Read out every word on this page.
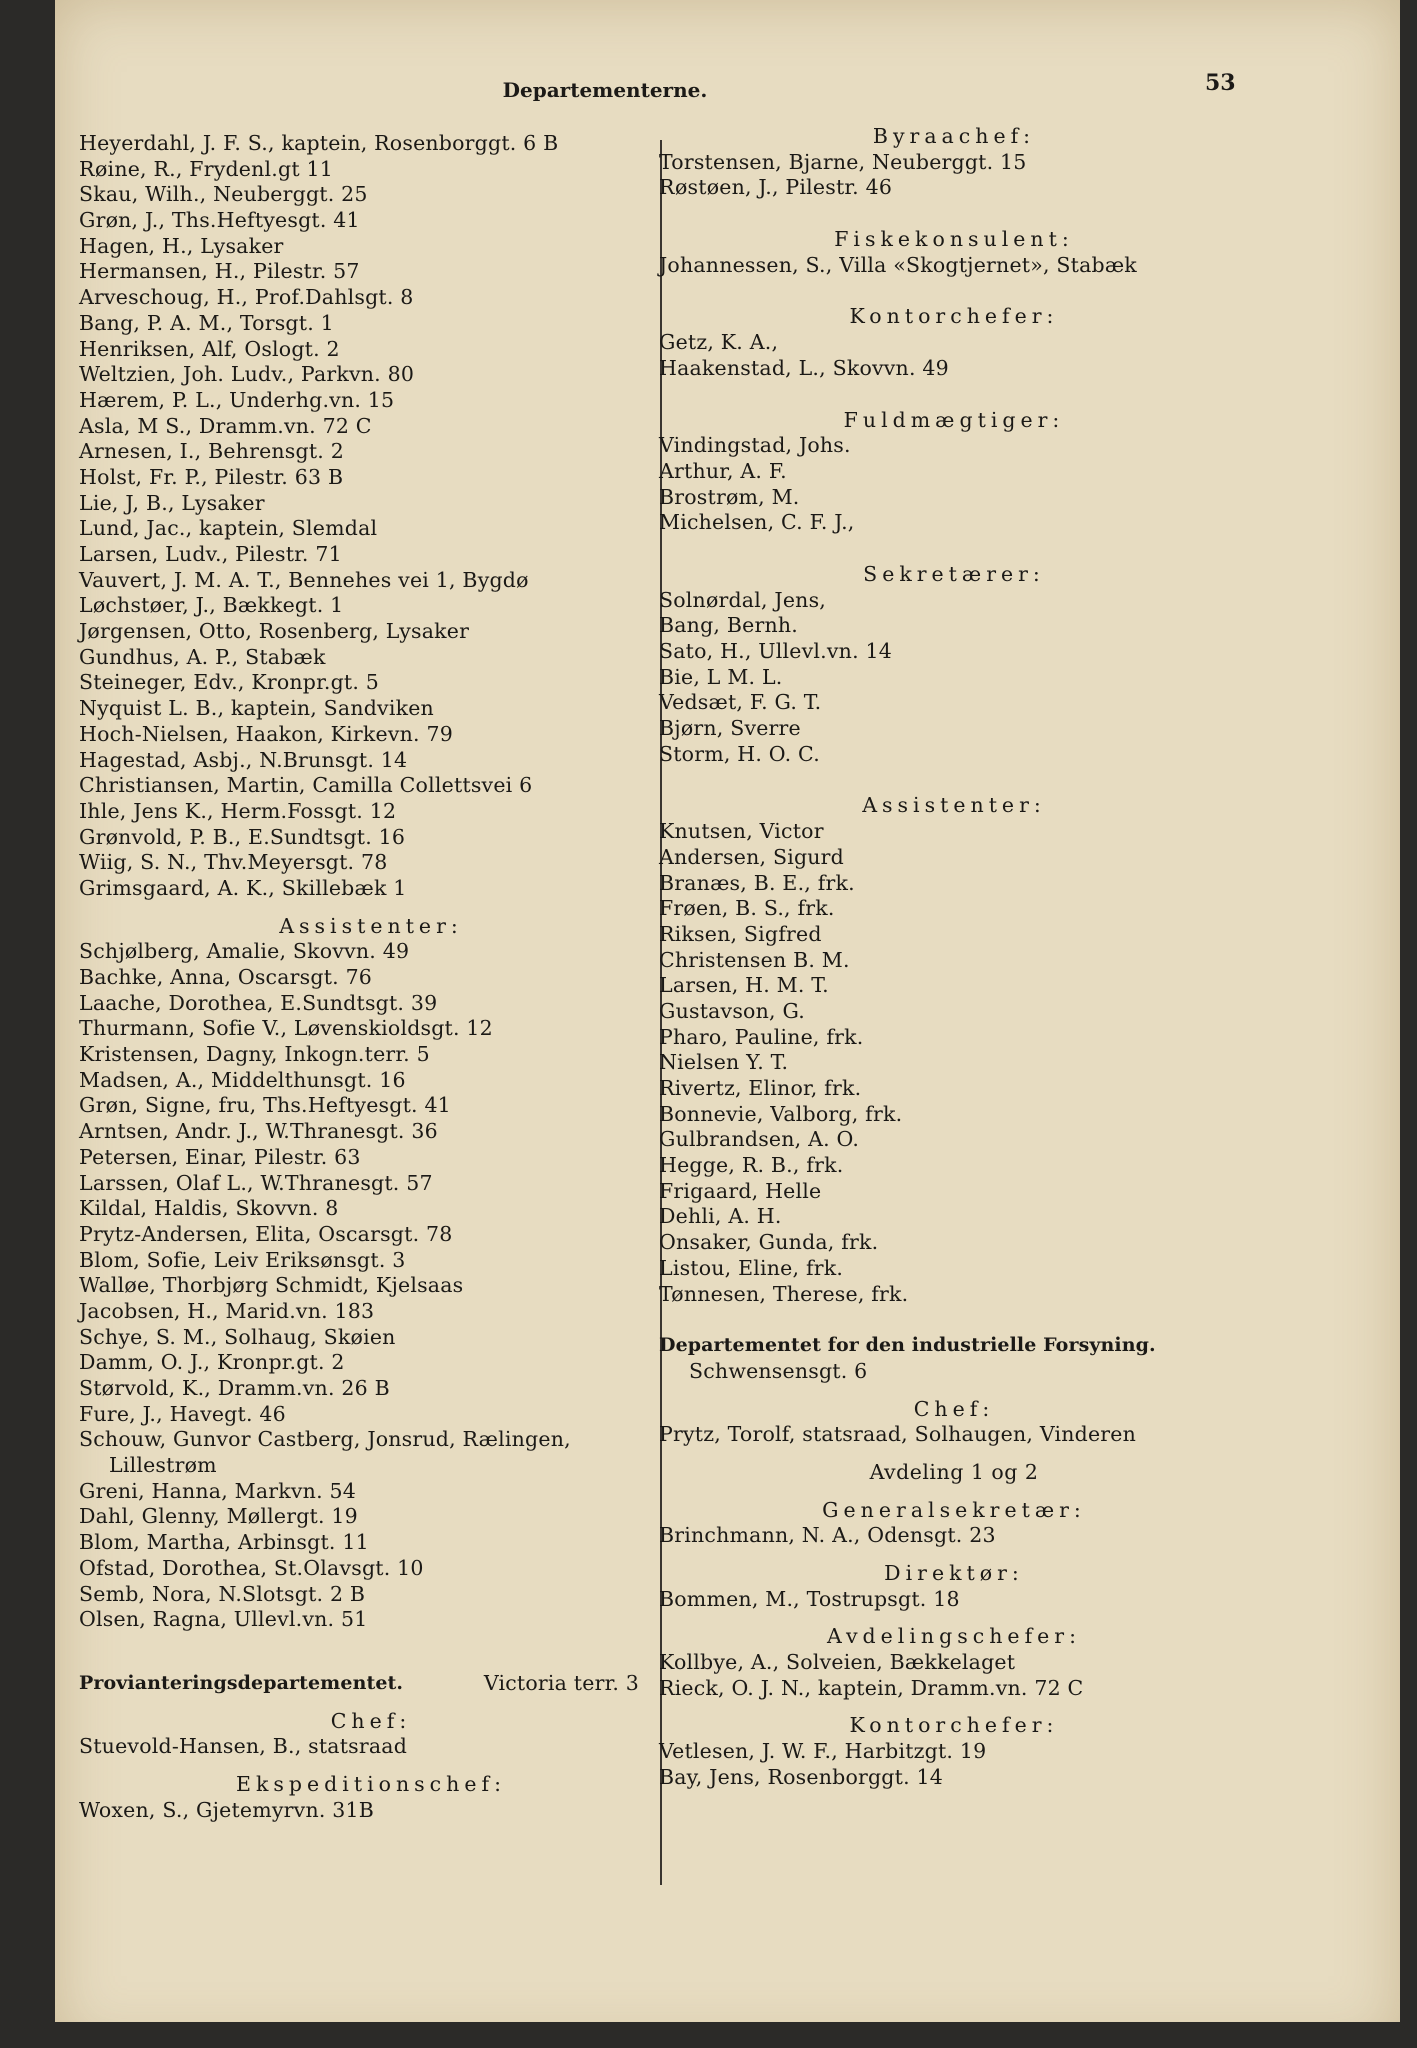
Departementerne.	53
Heyerdahl, J. F. S., kaptein, Rosenborggt. 6 B
Røine, R., Frydenl.gt 11
Skau, Wilh., Neuberggt. 25
Grøn, J., Ths.Heftyesgt. 41
Hagen, H., Lysaker
Hermansen, H., Pilestr. 57
Arveschoug, H., Prof.Dahlsgt. 8
Bang, P. A. M., Torsgt. 1
Henriksen, Alf, Oslogt. 2
Weltzien, Joh. Ludv., Parkvn. 80
Hærem, P. L., Underhg.vn. 15
Asla, M S., Dramm.vn. 72 C
Arnesen, I., Behrensgt. 2
Holst, Fr. P., Pilestr. 63 B
Lie, J, B., Lysaker
Lund, Jac., kaptein, Slemdal
Larsen, Ludv., Pilestr. 71
Vauvert, J. M. A. T., Bennehes vei 1, Bygdø
Løchstøer, J., Bækkegt. 1
Jørgensen, Otto, Rosenberg, Lysaker
Gundhus, A. P., Stabæk
Steineger, Edv., Kronpr.gt. 5
Nyquist L. B., kaptein, Sandviken
Hoch-Nielsen, Haakon, Kirkevn. 79
Hagestad, Asbj., N.Brunsgt. 14
Christiansen, Martin, Camilla Collettsvei 6
Ihle, Jens K., Herm.Fossgt. 12
Grønvold, P. B., E.Sundtsgt. 16
Wiig, S. N., Thv.Meyersgt. 78
Grimsgaard, A. K., Skillebæk 1
Assistenter:
Schjølberg, Amalie, Skovvn. 49
Bachke, Anna, Oscarsgt. 76
Laache, Dorothea, E.Sundtsgt. 39
Thurmann, Sofie V., Løvenskioldsgt. 12
Kristensen, Dagny, Inkogn.terr. 5
Madsen, A., Middelthunsgt. 16
Grøn, Signe, fru, Ths.Heftyesgt. 41
Arntsen, Andr. J., W.Thranesgt. 36
Petersen, Einar, Pilestr. 63
Larssen, Olaf L., W.Thranesgt. 57
Kildal, Haldis, Skovvn. 8
Prytz-Andersen, Elita, Oscarsgt. 78
Blom, Sofie, Leiv Eriksønsgt. 3
Walløe, Thorbjørg Schmidt, Kjelsaas
Jacobsen, H., Marid.vn. 183
Schye, S. M., Solhaug, Skøien
Damm, O. J., Kronpr.gt. 2
Størvold, K., Dramm.vn. 26 B
Fure, J., Havegt. 46
Schouw, Gunvor Castberg, Jonsrud, Rælingen,
Lillestrøm
Greni, Hanna, Markvn. 54
Dahl, Glenny, Møllergt. 19
Blom, Martha, Arbinsgt. 11
Ofstad, Dorothea, St.Olavsgt. 10
Semb, Nora, N.Slotsgt. 2 B
Olsen, Ragna, Ullevl.vn. 51
Provianteringsdepartementet.	Victoria terr. 3
Chef:
Stuevold-Hansen, B., statsraad
Ekspeditionschef:
Woxen, S., Gjetemyrvn. 31B
Byraachef:
Torstensen, Bjarne, Neuberggt. 15
Røstøen, J., Pilestr. 46
Fiskekonsulent:
Johannessen, S., Villa «Skogtjernet», Stabæk
Kontorchefer:
Getz, K. A.,
Haakenstad, L., Skovvn. 49
Fuldmægtiger:
Vindingstad, Johs.
Arthur, A. F.
Brostrøm, M.
Michelsen, C. F. J.,
Sekretærer:
Solnørdal, Jens,
Bang, Bernh.
Sato, H., Ullevl.vn. 14
Bie, L M. L.
Vedsæt, F. G. T.
Bjørn, Sverre
Storm, H. O. C.
Assistenter:
Knutsen, Victor
Andersen, Sigurd
Branæs, B. E., frk.
Frøen, B. S., frk.
Riksen, Sigfred
Christensen B. M.
Larsen, H. M. T.
Gustavson, G.
Pharo, Pauline, frk.
Nielsen Y. T.
Rivertz, Elinor, frk.
Bonnevie, Valborg, frk.
Gulbrandsen, A. O.
Hegge, R. B., frk.
Frigaard, Helle
Dehli, A. H.
Onsaker, Gunda, frk.
Listou, Eline, frk.
Tønnesen, Therese, frk.
Departementet for den industrielle Forsyning.
Schwensensgt. 6
Chef:
Prytz, Torolf, statsraad, Solhaugen, Vinderen
Avdeling 1 og 2
Generalsekretær:
Brinchmann, N. A., Odensgt. 23
Direktør:
Bommen, M., Tostrupsgt. 18
Avdelingschefer:
Kollbye, A., Solveien, Bækkelaget
Rieck, O. J. N., kaptein, Dramm.vn. 72 C
Kontorchefer:
Vetlesen, J. W. F., Harbitzgt. 19
Bay, Jens, Rosenborggt. 14
